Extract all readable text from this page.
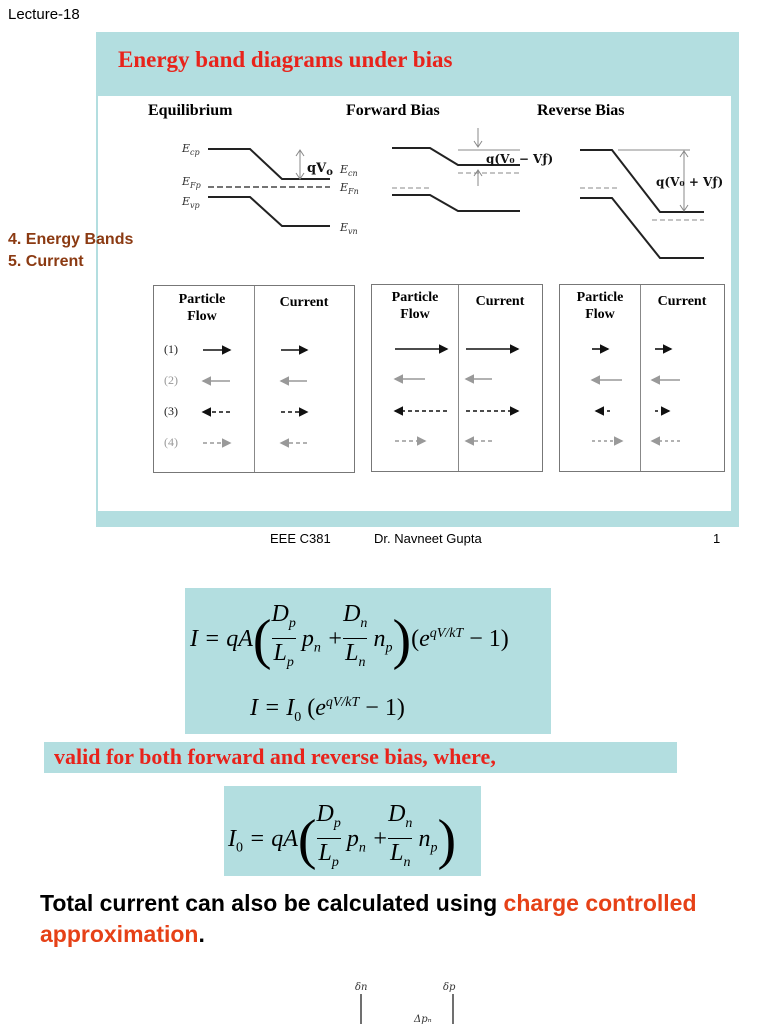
Lecture-18
Energy band diagrams under bias
Equilibrium	Forward Bias	Reverse Bias
4. Energy Bands
5. Current
$E_{cp}$
$E_{Fp}$
$E_{vp}$
$E_{cn}$
$E_{Fn}$
$E_{vn}$
$qV_o$
q(V₀ − Vƒ)
q(V₀ + Vƒ)
Particle
Flow
Current	Particle
Flow
Current	Particle
Flow
Current
(1)
(2)
(3)
(4)
EEE C381	Dr. Navneet Gupta	1
$I = qA(D_p$
$L_p$ $p_n +D_n$
$L_n$ $n_p)(e^{qV/kT} - 1)$
$I = I_0$ $(e^{qV/kT} - 1)$
valid for both forward and reverse bias, where,
$I_0 = qA(D_p$
$L_p$ $p_n +D_n$
$L_n$ $n_p$)
Total current can also be calculated using charge controlled approximation.
δn	δp
Δpₙ
